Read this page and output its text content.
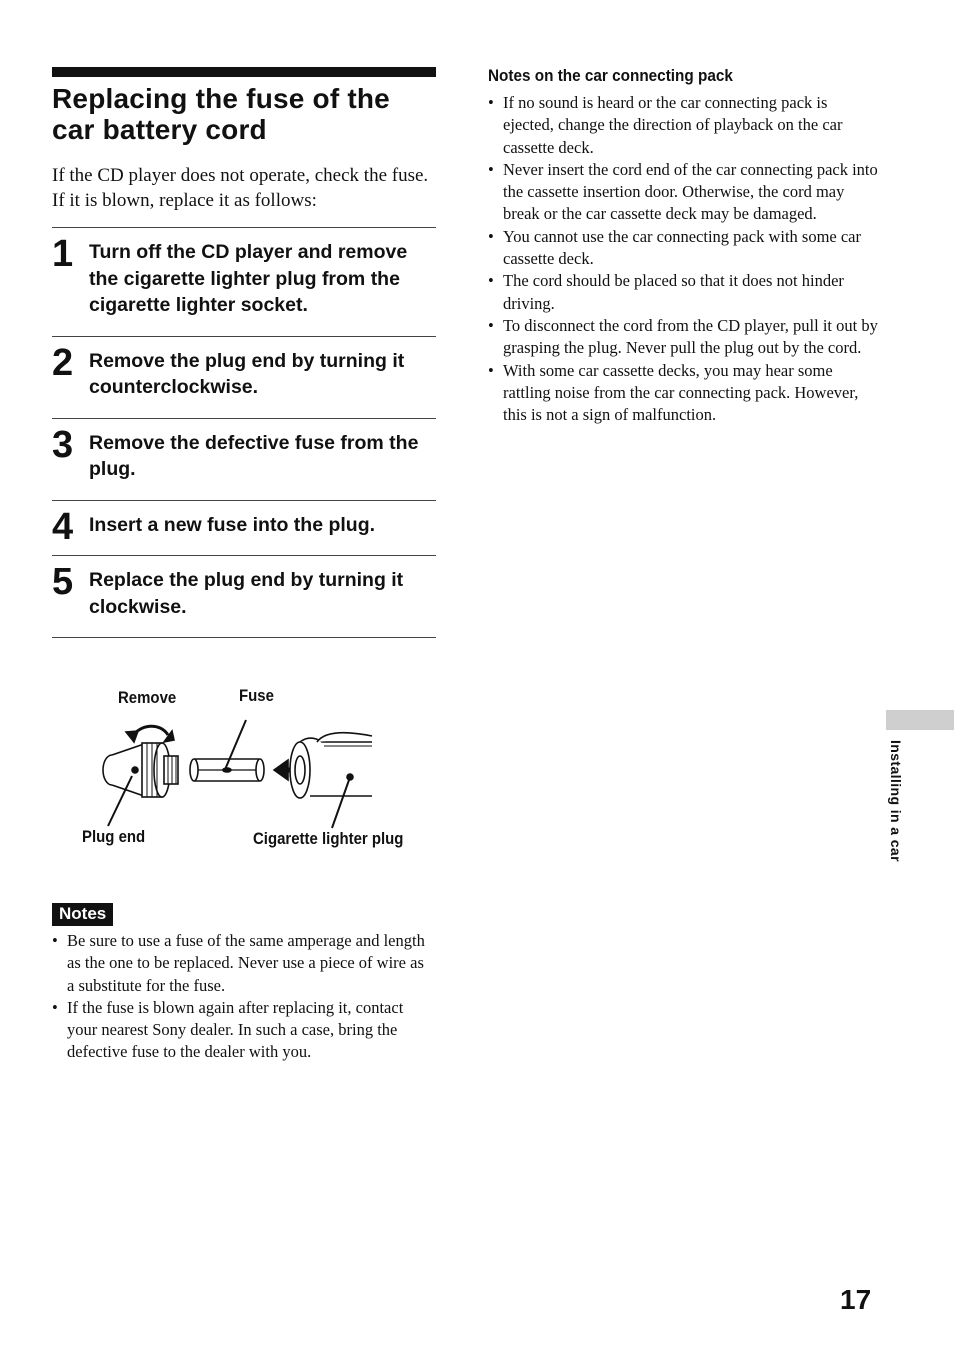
Replacing the fuse of the car battery cord

If the CD player does not operate, check the fuse. If it is blown, replace it as follows:

1 Turn off the CD player and remove the cigarette lighter plug from the cigarette lighter socket.
2 Remove the plug end by turning it counterclockwise.
3 Remove the defective fuse from the plug.
4 Insert a new fuse into the plug.
5 Replace the plug end by turning it clockwise.
Remove	Fuse
Plug end	Cigarette lighter plug
Notes
• Be sure to use a fuse of the same amperage and length as the one to be replaced. Never use a piece of wire as a substitute for the fuse.
• If the fuse is blown again after replacing it, contact your nearest Sony dealer. In such a case, bring the defective fuse to the dealer with you.
Notes on the car connecting pack
• If no sound is heard or the car connecting pack is ejected, change the direction of playback on the car cassette deck.
• Never insert the cord end of the car connecting pack into the cassette insertion door. Otherwise, the cord may break or the car cassette deck may be damaged.
• You cannot use the car connecting pack with some car cassette deck.
• The cord should be placed so that it does not hinder driving.
• To disconnect the cord from the CD player, pull it out by grasping the plug. Never pull the plug out by the cord.
• With some car cassette decks, you may hear some rattling noise from the car connecting pack. However, this is not a sign of malfunction.
Installing in a car
17
